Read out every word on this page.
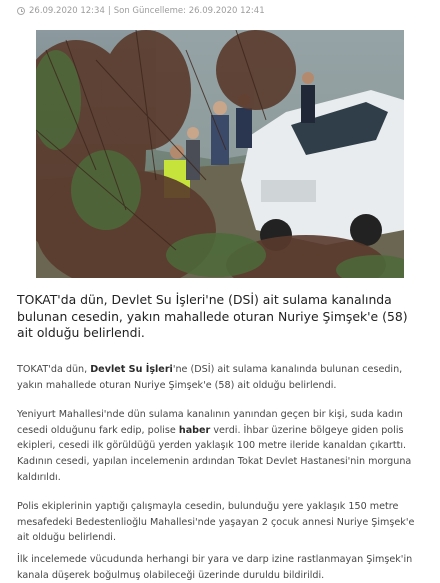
26.09.2020 12:34 | Son Güncelleme:
26.09.2020 12:41
TOKAT'da dün, Devlet Su İşleri'ne (DSİ) ait sulama kanalında bulunan cesedin, yakın mahallede oturan Nuriye Şimşek'e (58) ait olduğu belirlendi.

TOKAT'da dün, Devlet Su İşleri'ne (DSİ) ait sulama kanalında bulunan cesedin, yakın mahallede oturan Nuriye Şimşek'e (58) ait olduğu belirlendi.

Yeniyurt Mahallesi'nde dün sulama kanalının yanından geçen bir kişi, suda kadın cesedi olduğunu fark edip, polise haber verdi. İhbar üzerine bölgeye giden polis ekipleri, cesedi ilk görüldüğü yerden yaklaşık 100 metre ileride kanaldan çıkarttı. Kadının cesedi, yapılan incelemenin ardından Tokat Devlet Hastanesi'nin morguna kaldırıldı.

Polis ekiplerinin yaptığı çalışmayla cesedin, bulunduğu yere yaklaşık 150 metre mesafedeki Bedestenlioğlu Mahallesi'nde yaşayan 2 çocuk annesi Nuriye Şimşek'e ait olduğu belirlendi.

İlk incelemede vücudunda herhangi bir yara ve darp izine rastlanmayan Şimşek'in kanala düşerek boğulmuş olabileceği üzerinde duruldu bildirildi.
